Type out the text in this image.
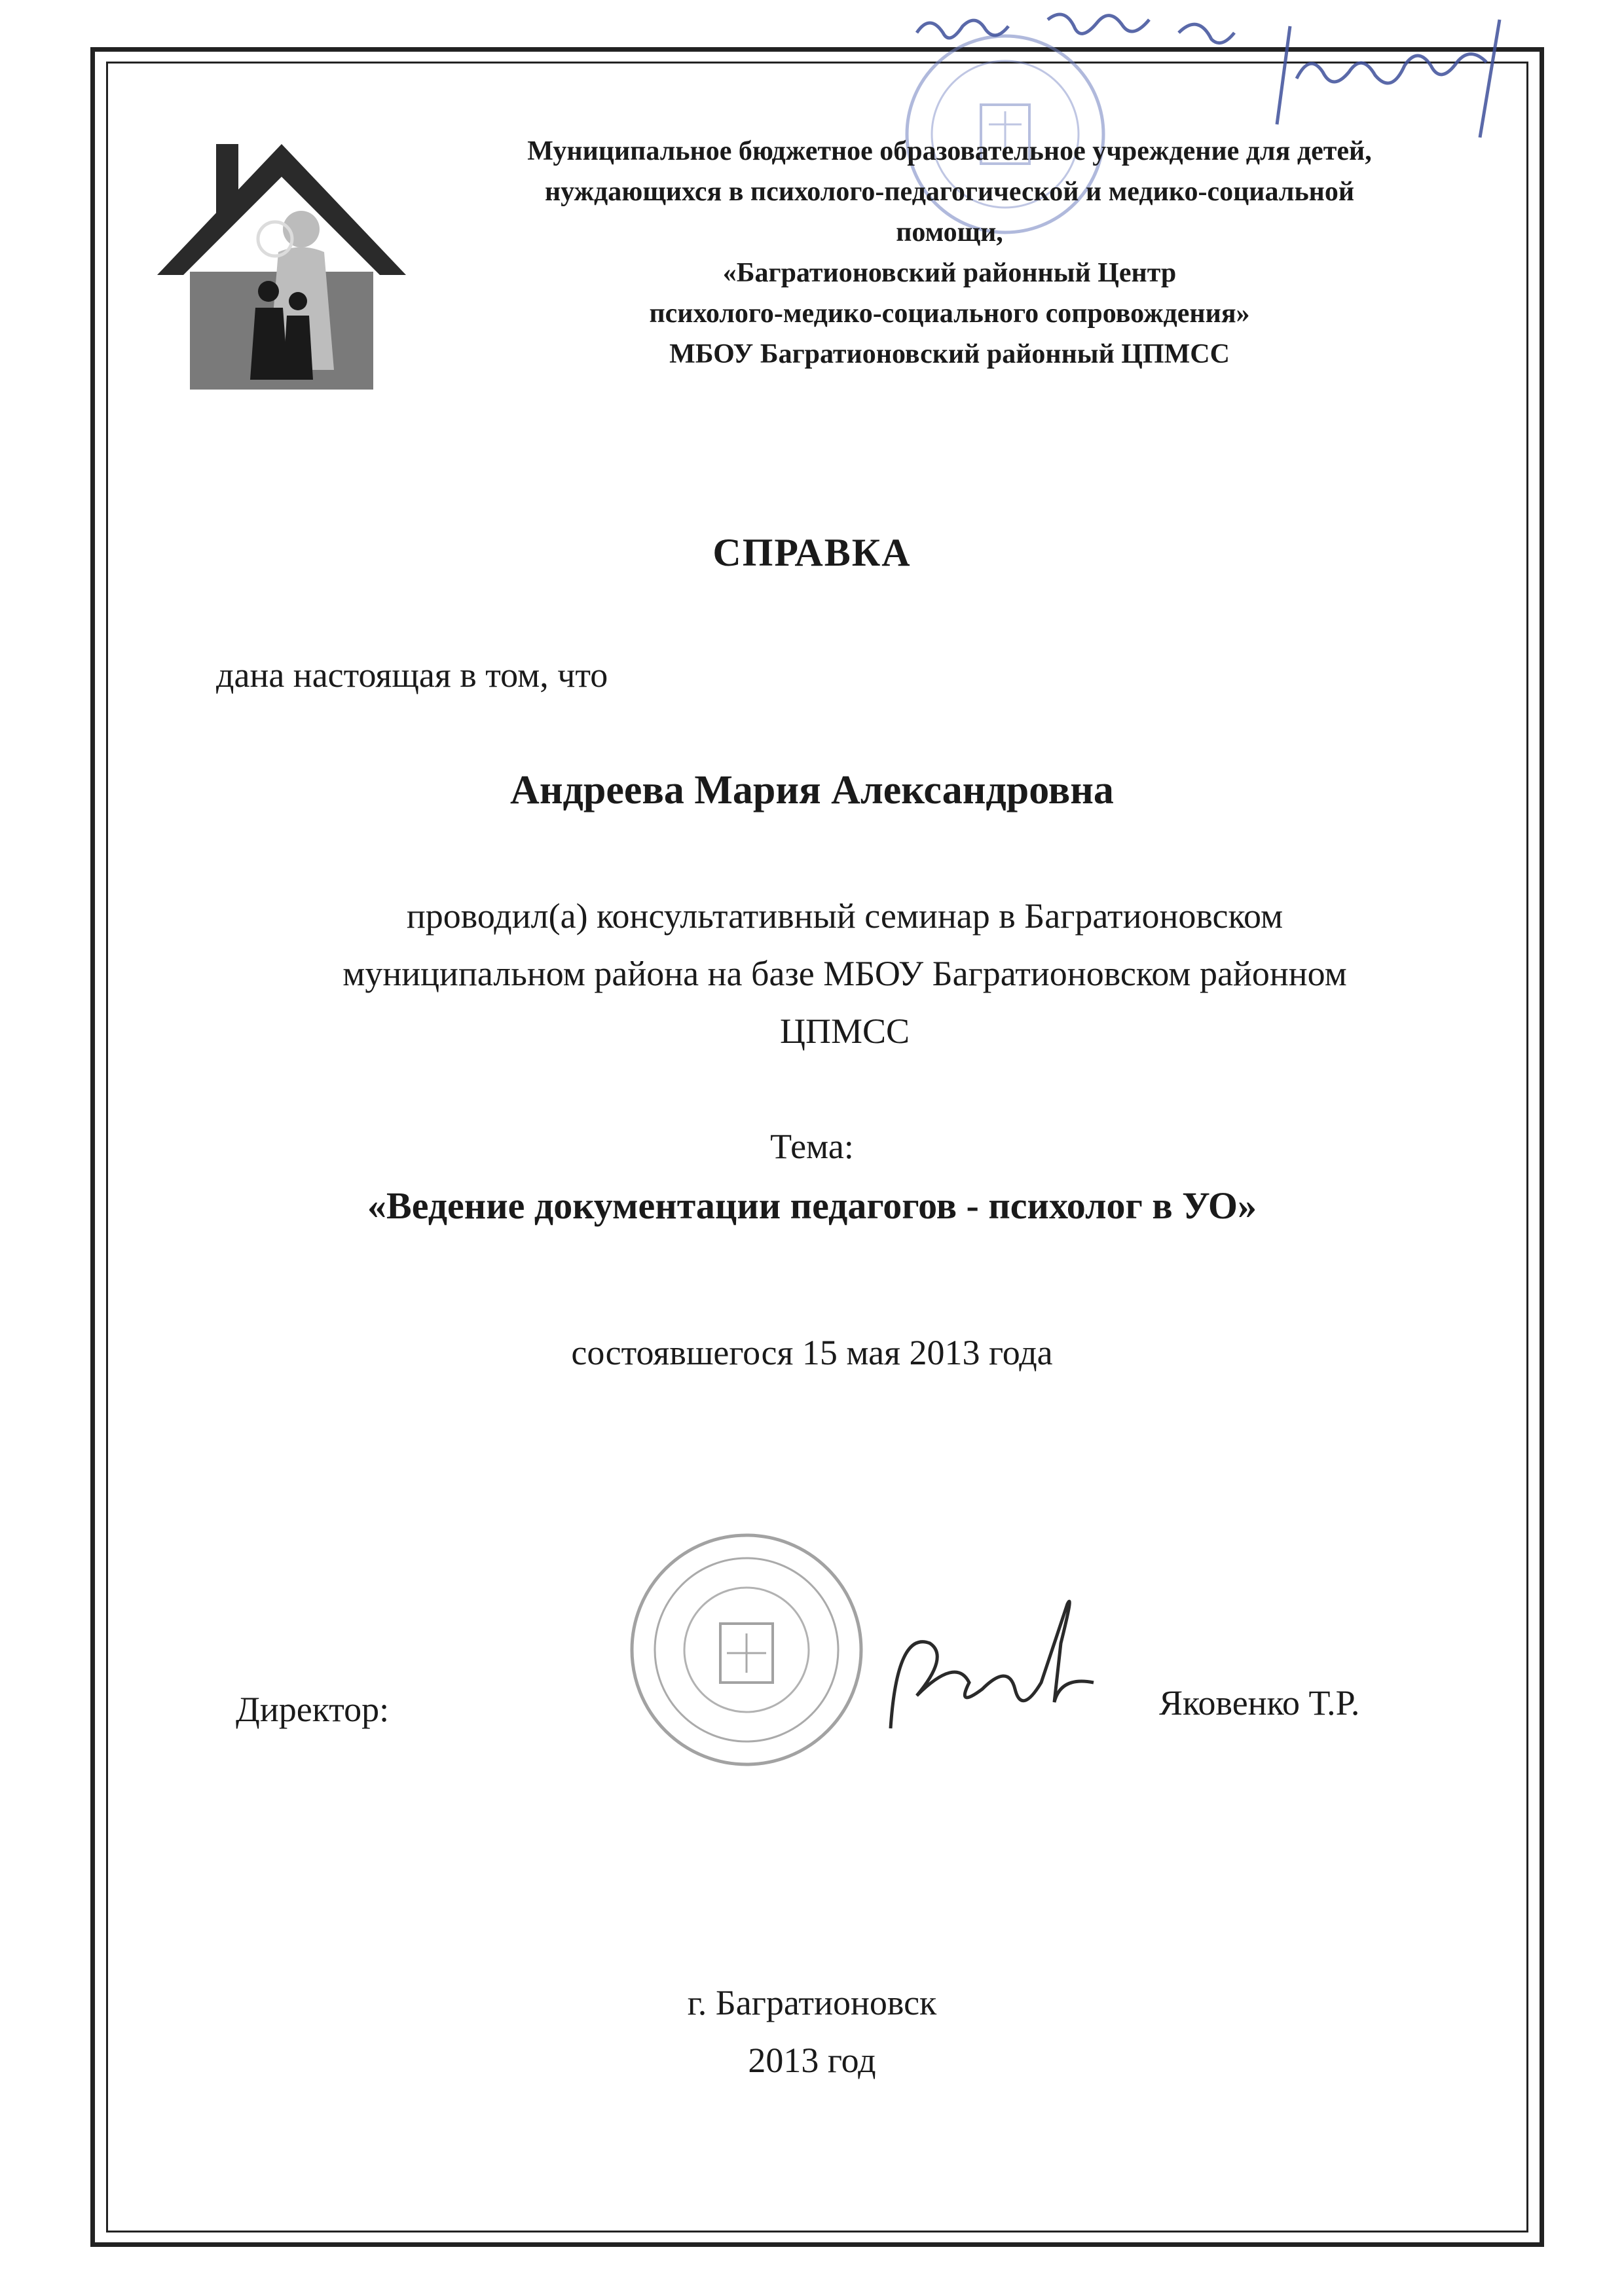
Муниципальное бюджетное образовательное учреждение для детей,
нуждающихся в психолого-педагогической и медико-социальной
помощи,
«Багратионовский районный Центр
психолого-медико-социального сопровождения»
МБОУ Багратионовский районный ЦПМСС
СПРАВКА
дана настоящая в том, что
Андреева Мария Александровна
проводил(а) консультативный семинар в Багратионовском
муниципальном района на базе МБОУ Багратионовском районном
ЦПМСС
Тема:
«Ведение документации педагогов - психолог в УО»
состоявшегося 15 мая 2013 года
Директор:	Яковенко Т.Р.
г. Багратионовск
2013 год
